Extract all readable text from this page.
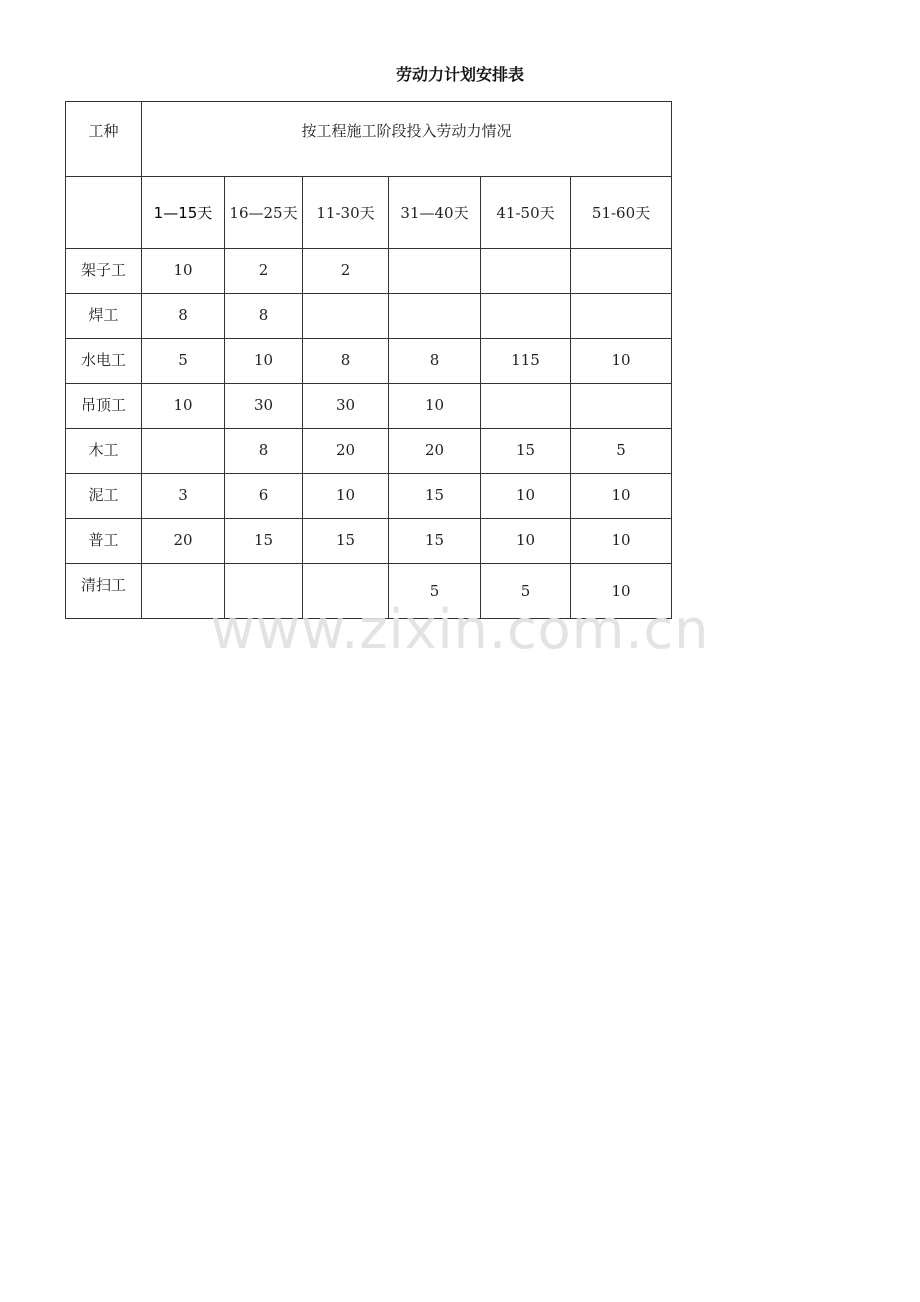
劳动力计划安排表
工种	按工程施工阶段投入劳动力情况					
	1—15天	16—25天	11-30天	31—40天	41-50天	51-60天
架子工	10	2	2			
焊工	8	8				
水电工	5	10	8	8	115	10
吊顶工	10	30	30	10		
木工		8	20	20	15	5
泥工	3	6	10	15	10	10
普工	20	15	15	15	10	10
清扫工				5	5	10
www.zixin.com.cn
